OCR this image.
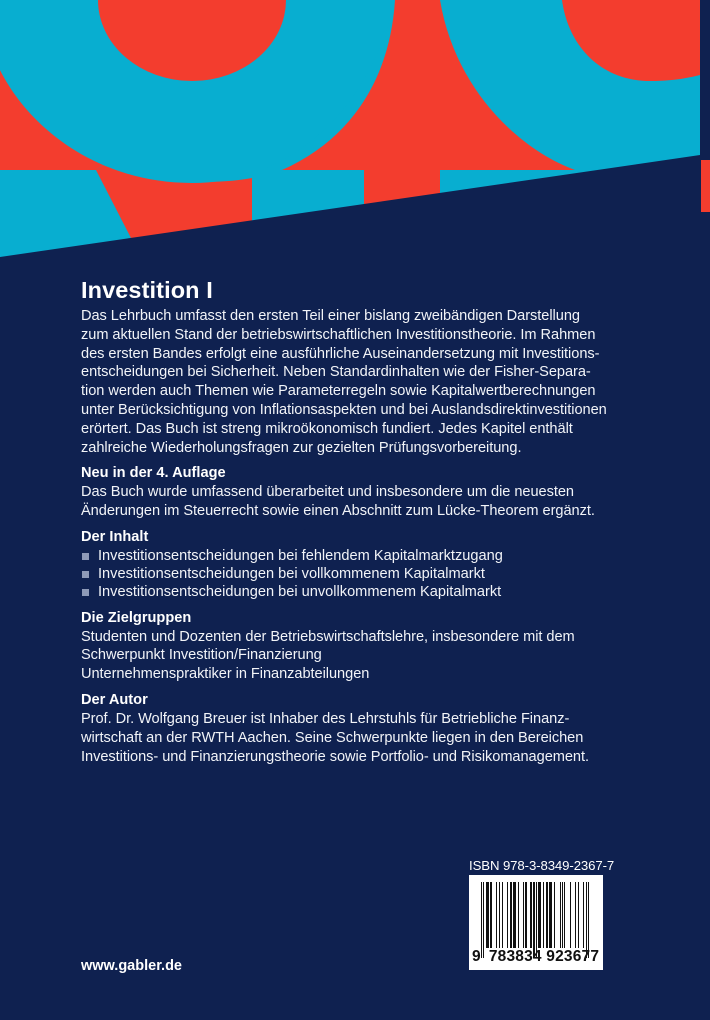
Investition I

Das Lehrbuch umfasst den ersten Teil einer bislang zweibändigen Darstellung
zum aktuellen Stand der betriebswirtschaftlichen Investitionstheorie. Im Rahmen
des ersten Bandes erfolgt eine ausführliche Auseinandersetzung mit Investitions-
entscheidungen bei Sicherheit. Neben Standardinhalten wie der Fisher-Separa-
tion werden auch Themen wie Parameterregeln sowie Kapitalwertberechnungen
unter Berücksichtigung von Inflationsaspekten und bei Auslandsdirektinvestitionen
erörtert. Das Buch ist streng mikroökonomisch fundiert. Jedes Kapitel enthält
zahlreiche Wiederholungsfragen zur gezielten Prüfungsvorbereitung.

Neu in der 4. Auflage

Das Buch wurde umfassend überarbeitet und insbesondere um die neuesten
Änderungen im Steuerrecht sowie einen Abschnitt zum Lücke-Theorem ergänzt.

Der Inhalt
Investitionsentscheidungen bei fehlendem Kapitalmarktzugang
Investitionsentscheidungen bei vollkommenem Kapitalmarkt
Investitionsentscheidungen bei unvollkommenem Kapitalmarkt
Die Zielgruppen

Studenten und Dozenten der Betriebswirtschaftslehre, insbesondere mit dem
Schwerpunkt Investition/Finanzierung
Unternehmenspraktiker in Finanzabteilungen

Der Autor

Prof. Dr. Wolfgang Breuer ist Inhaber des Lehrstuhls für Betriebliche Finanz-
wirtschaft an der RWTH Aachen. Seine Schwerpunkte liegen in den Bereichen
Investitions- und Finanzierungstheorie sowie Portfolio- und Risikomanagement.

ISBN 978-3-8349-2367-7
9 783834 923677
www.gabler.de
